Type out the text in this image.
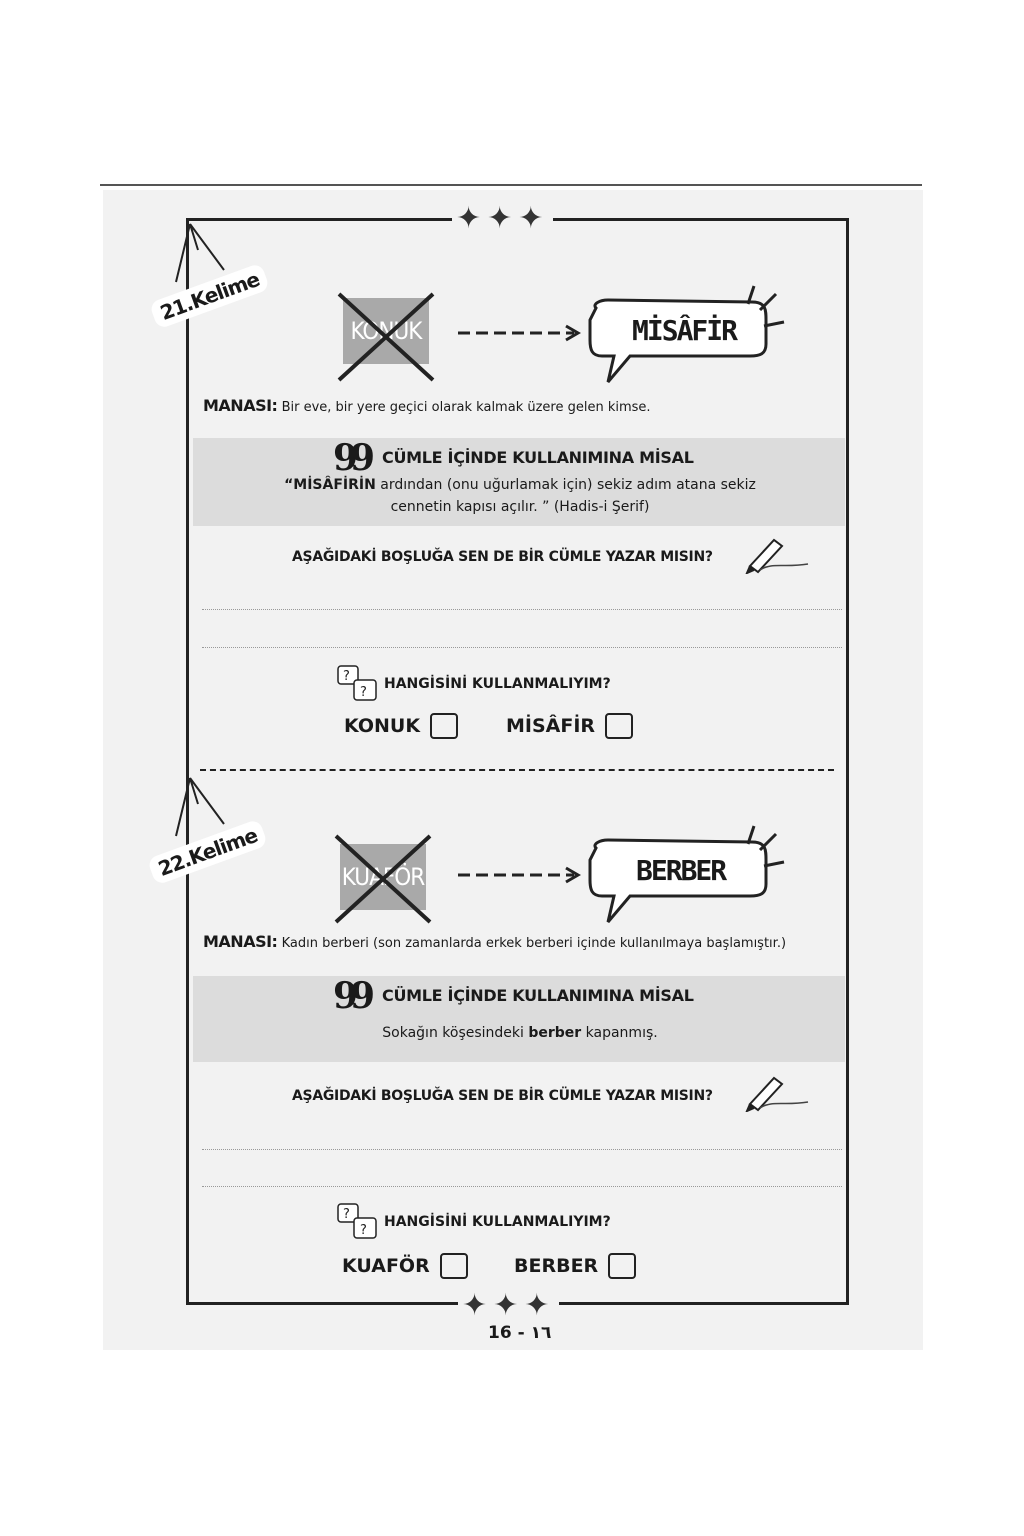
✦✦✦
✦✦✦
21.Kelime
KONUK	MİSÂFİR
MANASI: Bir eve, bir yere geçici olarak kalmak üzere gelen kimse.
99 CÜMLE İÇİNDE KULLANIMINA MİSAL
“MİSÂFİRİN ardından (onu uğurlamak için) sekiz adım atana sekiz
cennetin kapısı açılır. ” (Hadis-i Şerif)
AŞAĞIDAKİ BOŞLUĞA SEN DE BİR CÜMLE YAZAR MISIN?
?
?
HANGİSİNİ KULLANMALIYIM?
KONUK	MİSÂFİR
22.Kelime	KUAFÖR	BERBER
MANASI: Kadın berberi (son zamanlarda erkek berberi içinde kullanılmaya başlamıştır.)
99 CÜMLE İÇİNDE KULLANIMINA MİSAL
Sokağın köşesindeki berber kapanmış.
AŞAĞIDAKİ BOŞLUĞA SEN DE BİR CÜMLE YAZAR MISIN?
?
?
HANGİSİNİ KULLANMALIYIM?
KUAFÖR	BERBER
16 - ١٦
